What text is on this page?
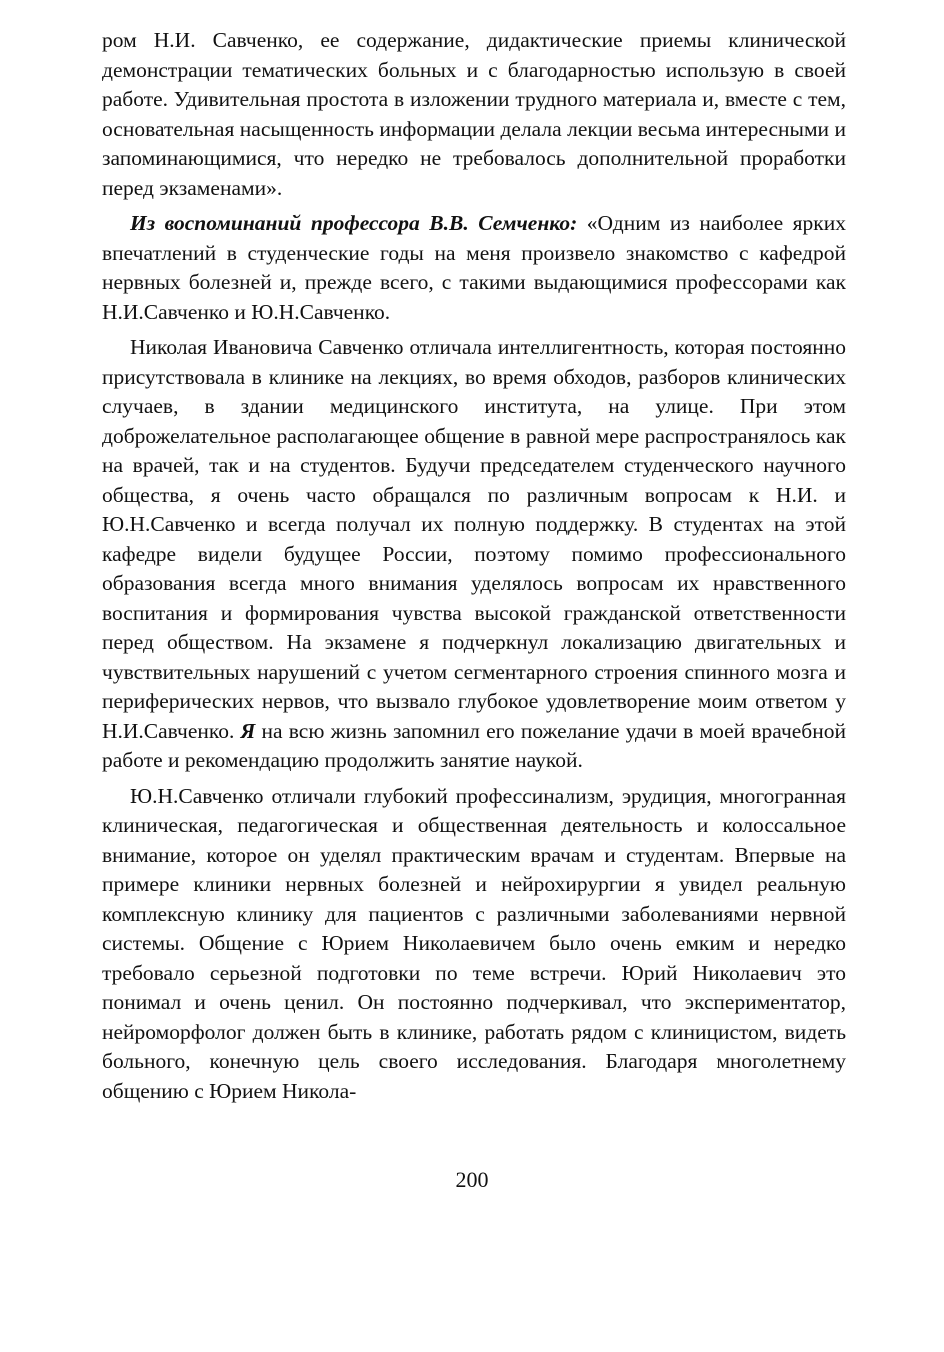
ром Н.И. Савченко, ее содержание, дидактические приемы клинической демонстрации тематических больных и с благодарностью использую в своей работе. Удивительная простота в изложении трудного материала и, вместе с тем, основательная насыщенность информации делала лекции весьма интересными и запоминающимися, что нередко не требовалось дополнительной проработки перед экзаменами».

Из воспоминаний профессора В.В. Семченко: «Одним из наиболее ярких впечатлений в студенческие годы на меня произвело знакомство с кафедрой нервных болезней и, прежде всего, с такими выдающимися профессорами как Н.И.Савченко и Ю.Н.Савченко.

Николая Ивановича Савченко отличала интеллигентность, которая постоянно присутствовала в клинике на лекциях, во время обходов, разборов клинических случаев, в здании медицинского института, на улице. При этом доброжелательное располагающее общение в равной мере распространялось как на врачей, так и на студентов. Будучи председателем студенческого научного общества, я очень часто обращался по различным вопросам к Н.И. и Ю.Н.Савченко и всегда получал их полную поддержку. В студентах на этой кафедре видели будущее России, поэтому помимо профессионального образования всегда много внимания уделялось вопросам их нравственного воспитания и формирования чувства высокой гражданской ответственности перед обществом. На экзамене я подчеркнул локализацию двигательных и чувствительных нарушений с учетом сегментарного строения спинного мозга и периферических нервов, что вызвало глубокое удовлетворение моим ответом у Н.И.Савченко. Я на всю жизнь запомнил его пожелание удачи в моей врачебной работе и рекомендацию продолжить занятие наукой.

Ю.Н.Савченко отличали глубокий профессинализм, эрудиция, многогранная клиническая, педагогическая и общественная деятельность и колоссальное внимание, которое он уделял практическим врачам и студентам. Впервые на примере клиники нервных болезней и нейрохирургии я увидел реальную комплексную клинику для пациентов с различными заболеваниями нервной системы. Общение с Юрием Николаевичем было очень емким и нередко требовало серьезной подготовки по теме встречи. Юрий Николаевич это понимал и очень ценил. Он постоянно подчеркивал, что экспериментатор, нейроморфолог должен быть в клинике, работать рядом с клиницистом, видеть больного, конечную цель своего исследования. Благодаря многолетнему общению с Юрием Никола-

200
